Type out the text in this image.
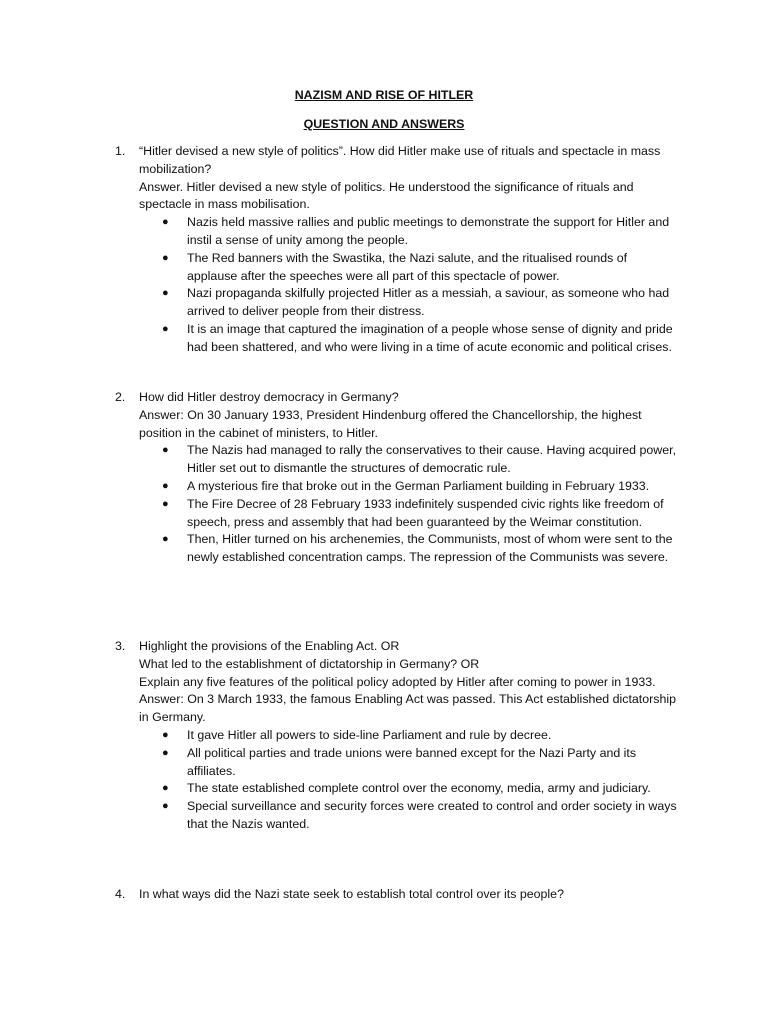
NAZISM AND RISE OF HITLER
QUESTION AND ANSWERS
1. “Hitler devised a new style of politics”. How did Hitler make use of rituals and spectacle in mass mobilization?
Answer. Hitler devised a new style of politics. He understood the significance of rituals and spectacle in mass mobilisation.
● Nazis held massive rallies and public meetings to demonstrate the support for Hitler and instil a sense of unity among the people.
● The Red banners with the Swastika, the Nazi salute, and the ritualised rounds of applause after the speeches were all part of this spectacle of power.
● Nazi propaganda skilfully projected Hitler as a messiah, a saviour, as someone who had arrived to deliver people from their distress.
● It is an image that captured the imagination of a people whose sense of dignity and pride had been shattered, and who were living in a time of acute economic and political crises.
2. How did Hitler destroy democracy in Germany?
Answer: On 30 January 1933, President Hindenburg offered the Chancellorship, the highest position in the cabinet of ministers, to Hitler.
● The Nazis had managed to rally the conservatives to their cause. Having acquired power, Hitler set out to dismantle the structures of democratic rule.
● A mysterious fire that broke out in the German Parliament building in February 1933.
● The Fire Decree of 28 February 1933 indefinitely suspended civic rights like freedom of speech, press and assembly that had been guaranteed by the Weimar constitution.
● Then, Hitler turned on his archenemies, the Communists, most of whom were sent to the newly established concentration camps. The repression of the Communists was severe.
3. Highlight the provisions of the Enabling Act. OR
What led to the establishment of dictatorship in Germany? OR
Explain any five features of the political policy adopted by Hitler after coming to power in 1933.
Answer: On 3 March 1933, the famous Enabling Act was passed. This Act established dictatorship in Germany.
● It gave Hitler all powers to side-line Parliament and rule by decree.
● All political parties and trade unions were banned except for the Nazi Party and its affiliates.
● The state established complete control over the economy, media, army and judiciary.
● Special surveillance and security forces were created to control and order society in ways that the Nazis wanted.
4. In what ways did the Nazi state seek to establish total control over its people?
